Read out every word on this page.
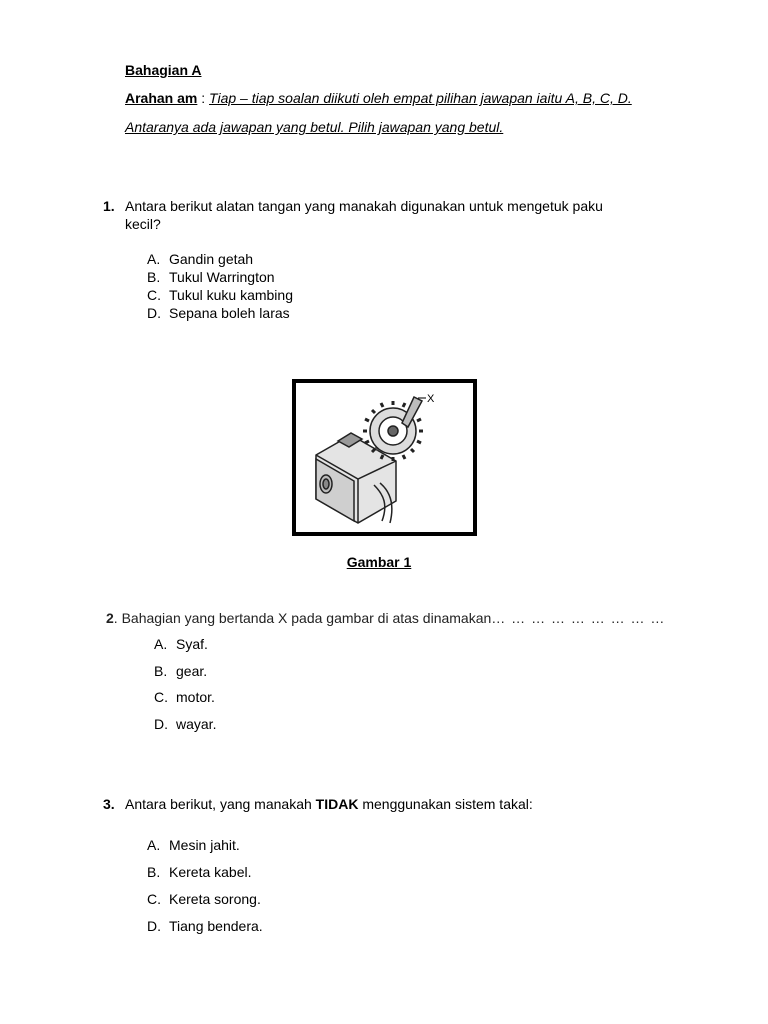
Bahagian A
Arahan am : Tiap – tiap soalan diikuti oleh empat pilihan jawapan iaitu A, B, C, D.
Antaranya ada jawapan yang betul. Pilih jawapan yang betul.
1. Antara berikut alatan tangan yang manakah digunakan untuk mengetuk paku
kecil?
A. Gandin getah
B. Tukul Warrington
C. Tukul kuku kambing
D. Sepana boleh laras
X
Gambar 1
2. Bahagian yang bertanda X pada gambar di atas dinamakan… … … … … … … … …
A. Syaf.
B. gear.
C. motor.
D. wayar.
3. Antara berikut, yang manakah TIDAK menggunakan sistem takal:
A. Mesin jahit.
B. Kereta kabel.
C. Kereta sorong.
D. Tiang bendera.
